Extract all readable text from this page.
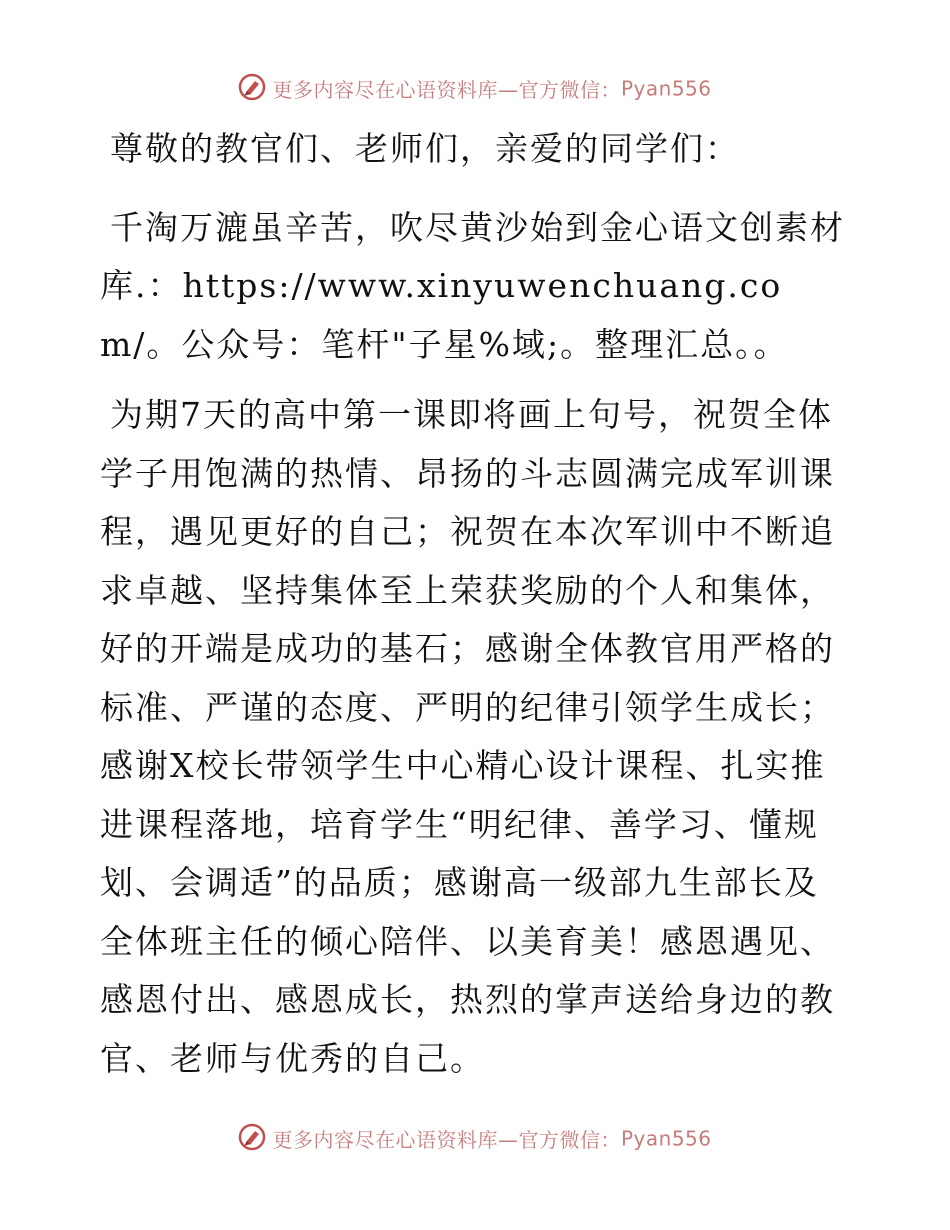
更多内容尽在心语资料库—官方微信：Pyan556

尊敬的教官们、老师们，亲爱的同学们：

千淘万漉虽辛苦，吹尽黄沙始到金心语文创素材库.：https://www.xinyuwenchuang.com/。公众号：笔杆"子星%域;。整理汇总。。

为期7天的高中第一课即将画上句号，祝贺全体学子用饱满的热情、昂扬的斗志圆满完成军训课程，遇见更好的自己；祝贺在本次军训中不断追求卓越、坚持集体至上荣获奖励的个人和集体，好的开端是成功的基石；感谢全体教官用严格的标准、严谨的态度、严明的纪律引领学生成长；感谢X校长带领学生中心精心设计课程、扎实推进课程落地，培育学生“明纪律、善学习、懂规划、会调适”的品质；感谢高一级部九生部长及全体班主任的倾心陪伴、以美育美！感恩遇见、感恩付出、感恩成长，热烈的掌声送给身边的教官、老师与优秀的自己。

更多内容尽在心语资料库—官方微信：Pyan556
